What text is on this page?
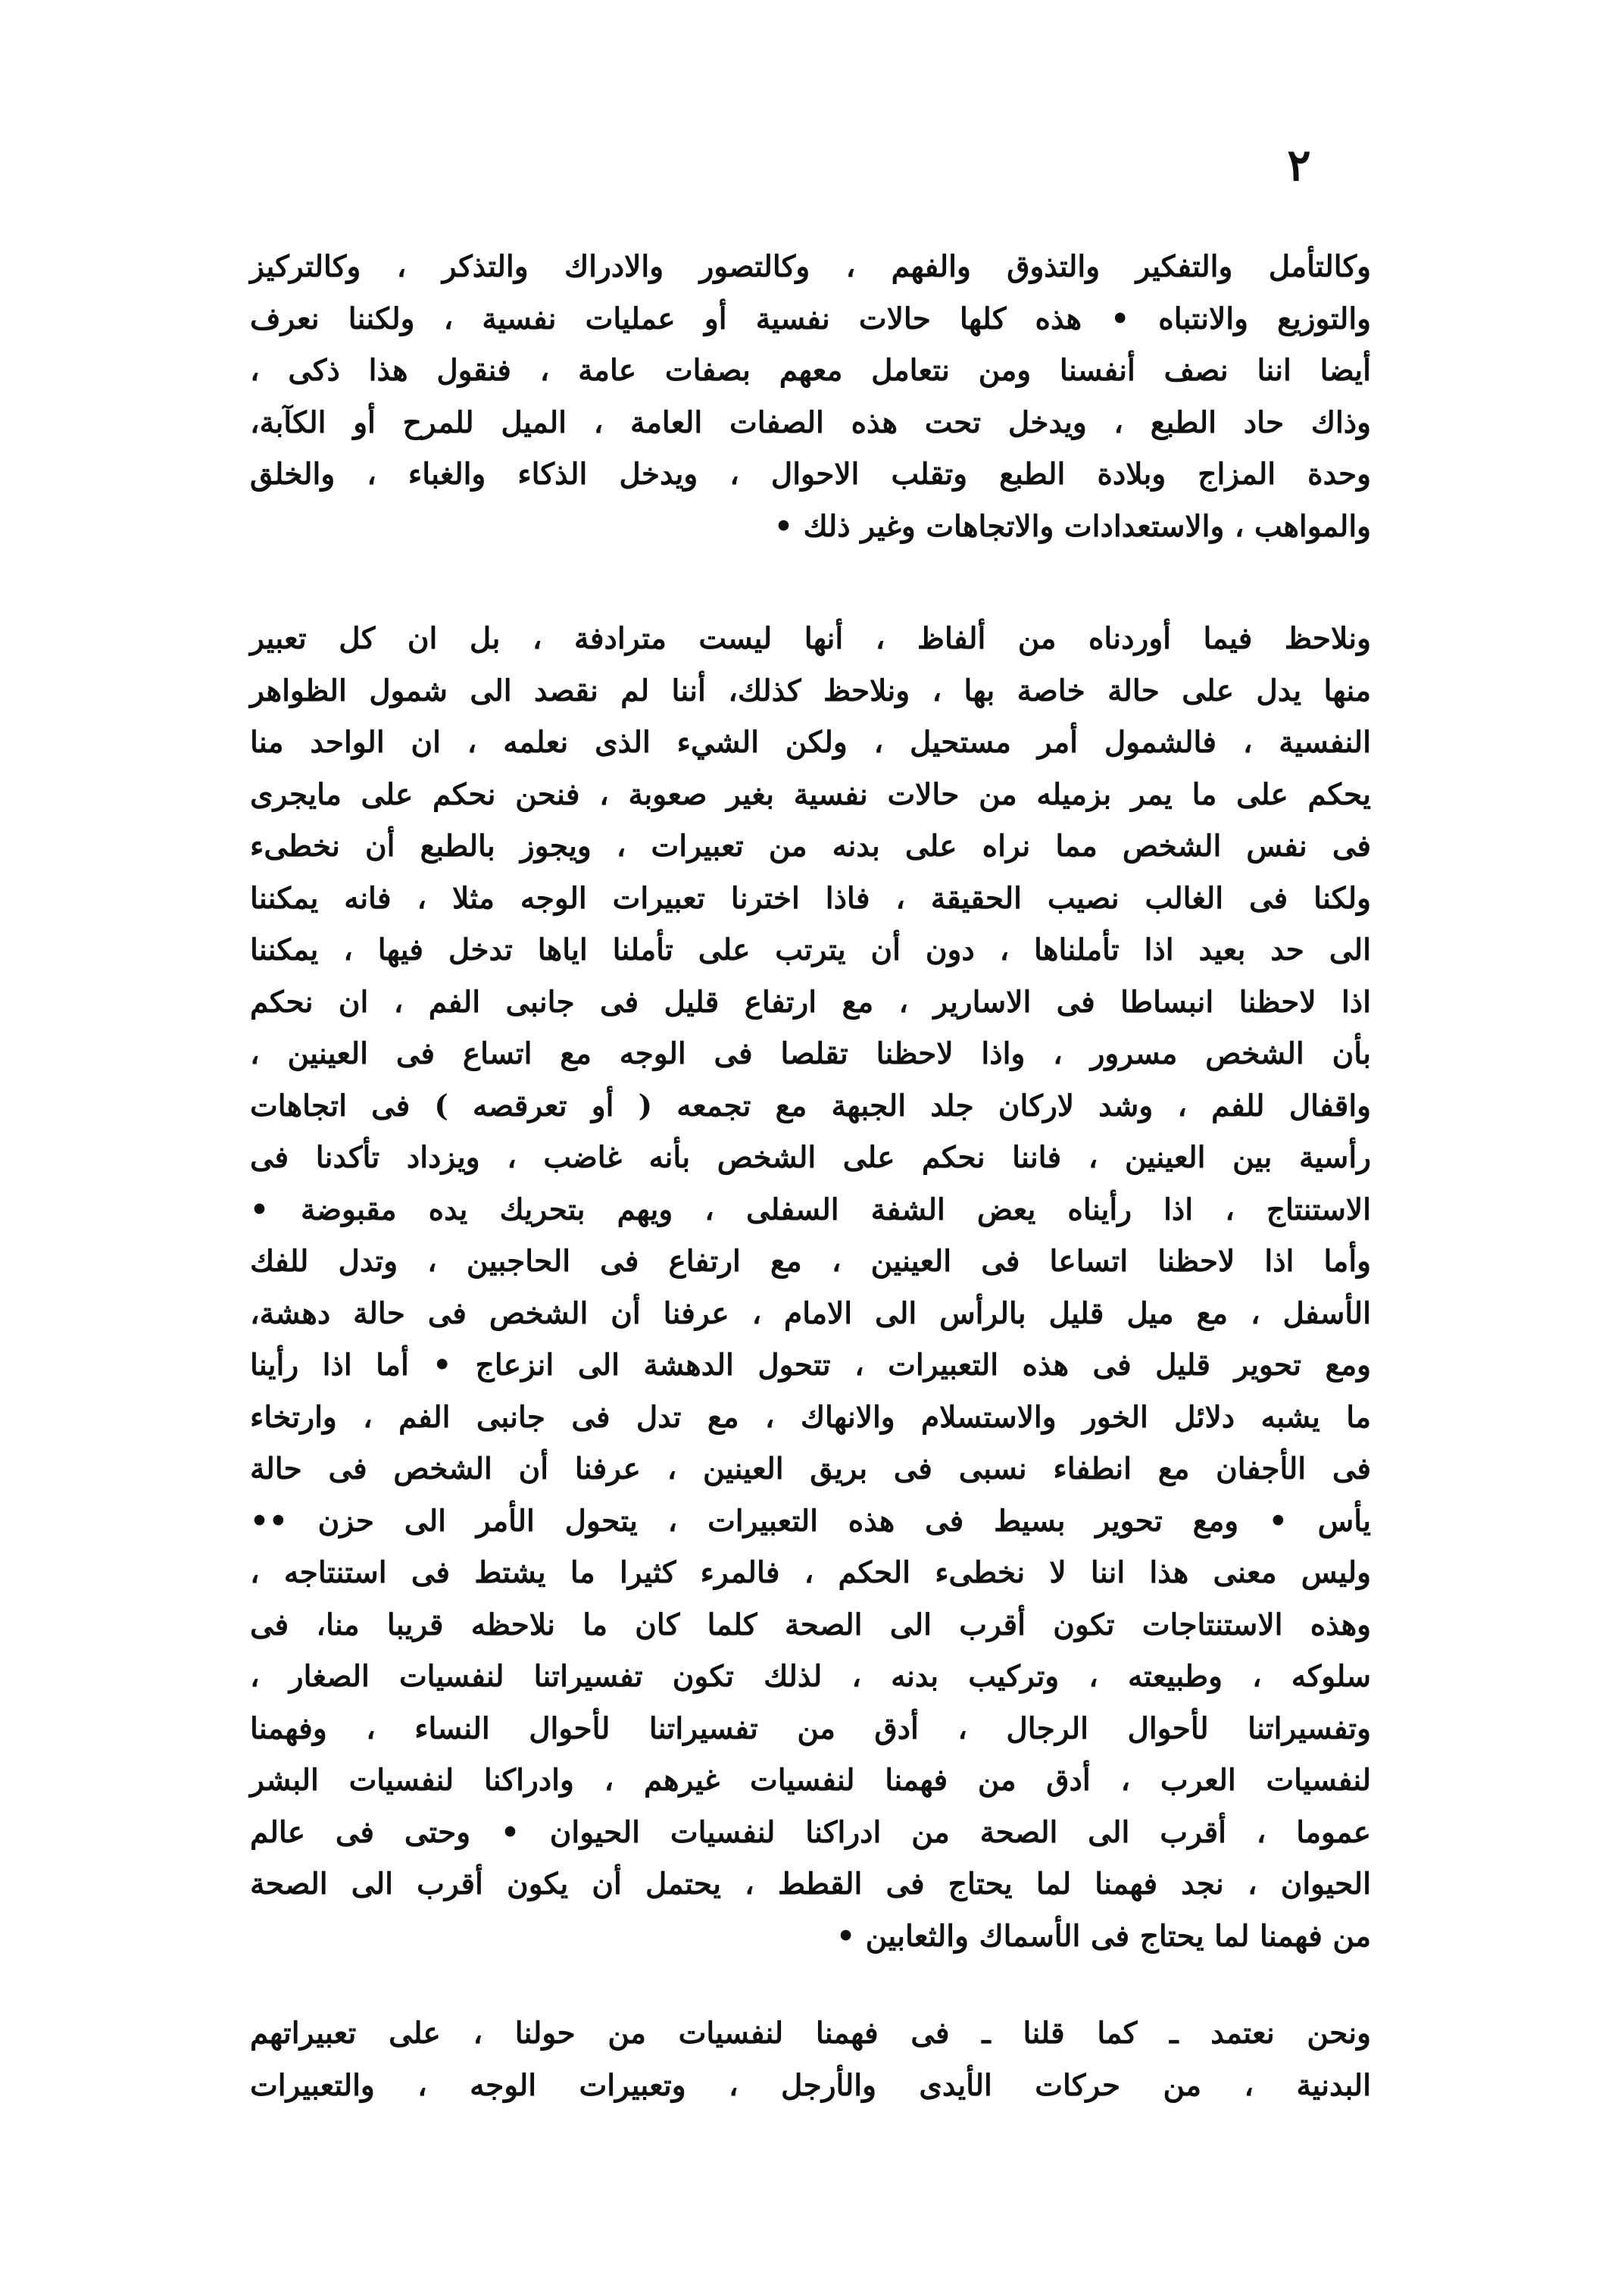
٢
وكالتأمل والتفكير والتذوق والفهم ، وكالتصور والادراك والتذكر ، وكالتركيز
والتوزيع والانتباه • هذه كلها حالات نفسية أو عمليات نفسية ، ولكننا نعرف
أيضا اننا نصف أنفسنا ومن نتعامل معهم بصفات عامة ، فنقول هذا ذكى ،
وذاك حاد الطبع ، ويدخل تحت هذه الصفات العامة ، الميل للمرح أو الكآبة،
وحدة المزاج وبلادة الطبع وتقلب الاحوال ، ويدخل الذكاء والغباء ، والخلق
والمواهب ، والاستعدادات والاتجاهات وغير ذلك •
ونلاحظ فيما أوردناه من ألفاظ ، أنها ليست مترادفة ، بل ان كل تعبير
منها يدل على حالة خاصة بها ، ونلاحظ كذلك، أننا لم نقصد الى شمول الظواهر
النفسية ، فالشمول أمر مستحيل ، ولكن الشيء الذى نعلمه ، ان الواحد منا
يحكم على ما يمر بزميله من حالات نفسية بغير صعوبة ، فنحن نحكم على مايجرى
فى نفس الشخص مما نراه على بدنه من تعبيرات ، ويجوز بالطبع أن نخطىء
ولكنا فى الغالب نصيب الحقيقة ، فاذا اخترنا تعبيرات الوجه مثلا ، فانه يمكننا
الى حد بعيد اذا تأملناها ، دون أن يترتب على تأملنا اياها تدخل فيها ، يمكننا
اذا لاحظنا انبساطا فى الاسارير ، مع ارتفاع قليل فى جانبى الفم ، ان نحكم
بأن الشخص مسرور ، واذا لاحظنا تقلصا فى الوجه مع اتساع فى العينين ،
واقفال للفم ، وشد لاركان جلد الجبهة مع تجمعه ( أو تعرقصه ) فى اتجاهات
رأسية بين العينين ، فاننا نحكم على الشخص بأنه غاضب ، ويزداد تأكدنا فى
الاستنتاج ، اذا رأيناه يعض الشفة السفلى ، ويهم بتحريك يده مقبوضة •
وأما اذا لاحظنا اتساعا فى العينين ، مع ارتفاع فى الحاجبين ، وتدل للفك
الأسفل ، مع ميل قليل بالرأس الى الامام ، عرفنا أن الشخص فى حالة دهشة،
ومع تحوير قليل فى هذه التعبيرات ، تتحول الدهشة الى انزعاج • أما اذا رأينا
ما يشبه دلائل الخور والاستسلام والانهاك ، مع تدل فى جانبى الفم ، وارتخاء
فى الأجفان مع انطفاء نسبى فى بريق العينين ، عرفنا أن الشخص فى حالة
يأس • ومع تحوير بسيط فى هذه التعبيرات ، يتحول الأمر الى حزن ••
وليس معنى هذا اننا لا نخطىء الحكم ، فالمرء كثيرا ما يشتط فى استنتاجه ،
وهذه الاستنتاجات تكون أقرب الى الصحة كلما كان ما نلاحظه قريبا منا، فى
سلوكه ، وطبيعته ، وتركيب بدنه ، لذلك تكون تفسيراتنا لنفسيات الصغار ،
وتفسيراتنا لأحوال الرجال ، أدق من تفسيراتنا لأحوال النساء ، وفهمنا
لنفسيات العرب ، أدق من فهمنا لنفسيات غيرهم ، وادراكنا لنفسيات البشر
عموما ، أقرب الى الصحة من ادراكنا لنفسيات الحيوان • وحتى فى عالم
الحيوان ، نجد فهمنا لما يحتاج فى القطط ، يحتمل أن يكون أقرب الى الصحة
من فهمنا لما يحتاج فى الأسماك والثعابين •
ونحن نعتمد ـ كما قلنا ـ فى فهمنا لنفسيات من حولنا ، على تعبيراتهم
البدنية ، من حركات الأيدى والأرجل ، وتعبيرات الوجه ، والتعبيرات
